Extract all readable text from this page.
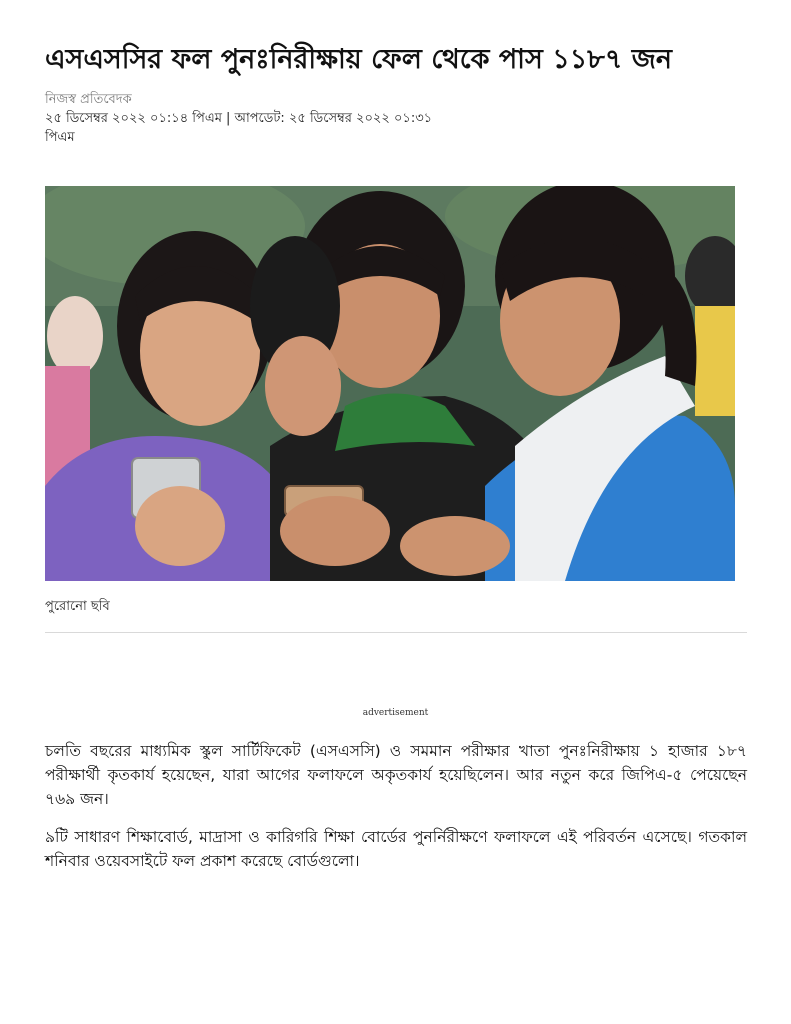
এসএসসির ফল পুনঃনিরীক্ষায় ফেল থেকে পাস ১১৮৭ জন
নিজস্ব প্রতিবেদক
২৫ ডিসেম্বর ২০২২ ০১:১৪ পিএম | আপডেট: ২৫ ডিসেম্বর ২০২২ ০১:৩১ পিএম
পুরোনো ছবি
advertisement

চলতি বছরের মাধ্যমিক স্কুল সার্টিফিকেট (এসএসসি) ও সমমান পরীক্ষার খাতা পুনঃনিরীক্ষায় ১ হাজার ১৮৭ পরীক্ষার্থী কৃতকার্য হয়েছেন, যারা আগের ফলাফলে অকৃতকার্য হয়েছিলেন। আর নতুন করে জিপিএ-৫ পেয়েছেন ৭৬৯ জন।

৯টি সাধারণ শিক্ষাবোর্ড, মাদ্রাসা ও কারিগরি শিক্ষা বোর্ডের পুনর্নিরীক্ষণে ফলাফলে এই পরিবর্তন এসেছে। গতকাল শনিবার ওয়েবসাইটে ফল প্রকাশ করেছে বোর্ডগুলো।
